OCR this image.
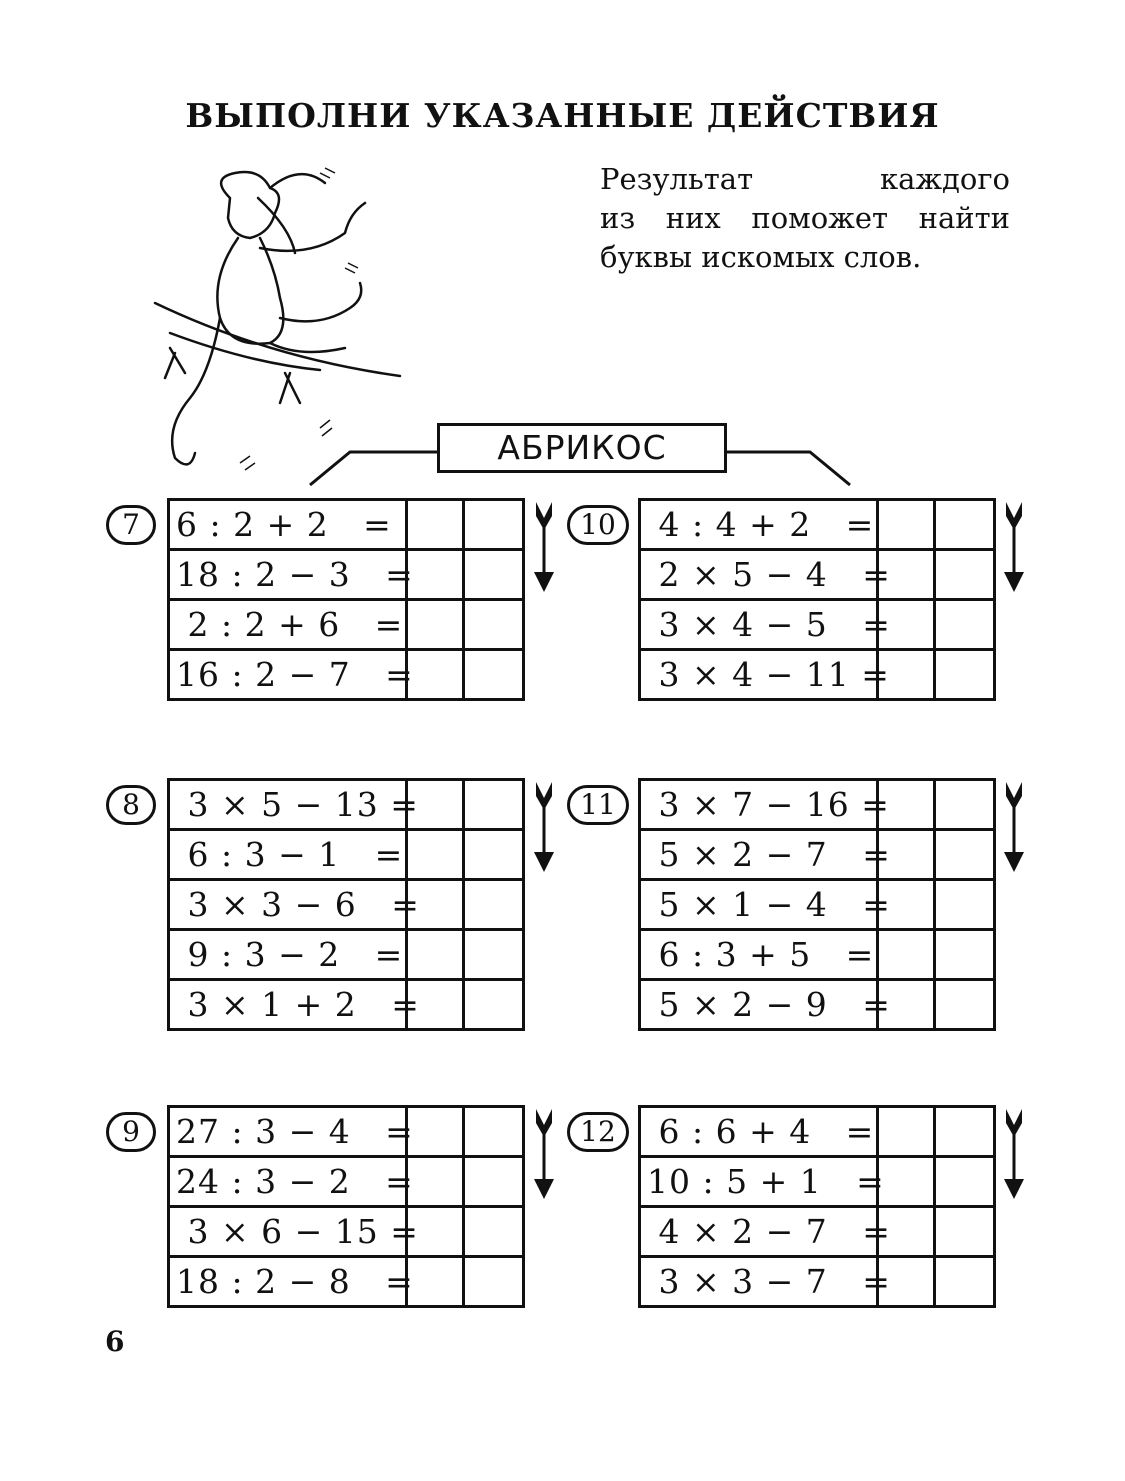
ВЫПОЛНИ УКАЗАННЫЕ ДЕЙСТВИЯ
Результат каждого
из них поможет найти
буквы искомых слов.
АБРИКОС
7	6 : 2 + 2   =
18 : 2 − 3   =
2 : 2 + 6   =
16 : 2 − 7   =
10 4 : 4 + 2   =
2 × 5 − 4   =
3 × 4 − 5   =
3 × 4 − 11 =
8	3 × 5 − 13 =
6 : 3 − 1   =
3 × 3 − 6   =
9 : 3 − 2   =
3 × 1 + 2   =
11 3 × 7 − 16 =
5 × 2 − 7   =
5 × 1 − 4   =
6 : 3 + 5   =
5 × 2 − 9   =
9	27 : 3 − 4   =
24 : 3 − 2   =
3 × 6 − 15 =
18 : 2 − 8   =
12 6 : 6 + 4   =
10 : 5 + 1   =
4 × 2 − 7   =
3 × 3 − 7   =
6
